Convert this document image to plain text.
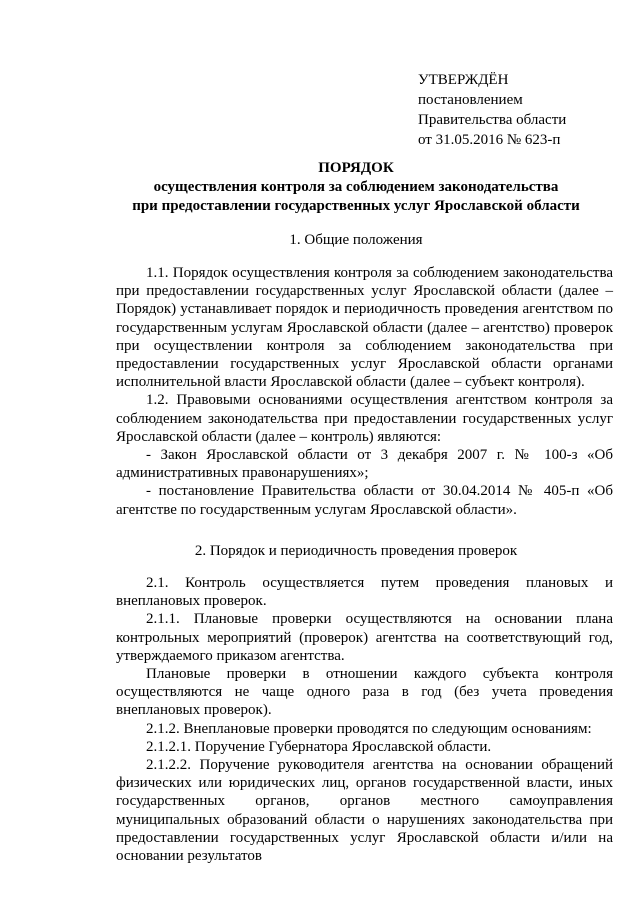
УТВЕРЖДЁН
постановлением
Правительства области
от 31.05.2016 № 623-п
ПОРЯДОК
осуществления контроля за соблюдением законодательства
при предоставлении государственных услуг Ярославской области
1. Общие положения

1.1. Порядок осуществления контроля за соблюдением законодательства при предоставлении государственных услуг Ярославской области (далее – Порядок) устанавливает порядок и периодичность проведения агентством по государственным услугам Ярославской области (далее – агентство) проверок при осуществлении контроля за соблюдением законодательства при предоставлении государственных услуг Ярославской области органами исполнительной власти Ярославской области (далее – субъект контроля).

1.2. Правовыми основаниями осуществления агентством контроля за соблюдением законодательства при предоставлении государственных услуг Ярославской области (далее – контроль) являются:

- Закон Ярославской области от 3 декабря 2007 г. № 100-з «Об административных правонарушениях»;

- постановление Правительства области от 30.04.2014 № 405-п «Об агентстве по государственным услугам Ярославской области».

2. Порядок и периодичность проведения проверок

2.1. Контроль осуществляется путем проведения плановых и внеплановых проверок.

2.1.1. Плановые проверки осуществляются на основании плана контрольных мероприятий (проверок) агентства на соответствующий год, утверждаемого приказом агентства.

Плановые проверки в отношении каждого субъекта контроля осуществляются не чаще одного раза в год (без учета проведения внеплановых проверок).

2.1.2. Внеплановые проверки проводятся по следующим основаниям:

2.1.2.1. Поручение Губернатора Ярославской области.

2.1.2.2. Поручение руководителя агентства на основании обращений физических или юридических лиц, органов государственной власти, иных государственных органов, органов местного самоуправления муниципальных образований области о нарушениях законодательства при предоставлении государственных услуг Ярославской области и/или на основании результатов
